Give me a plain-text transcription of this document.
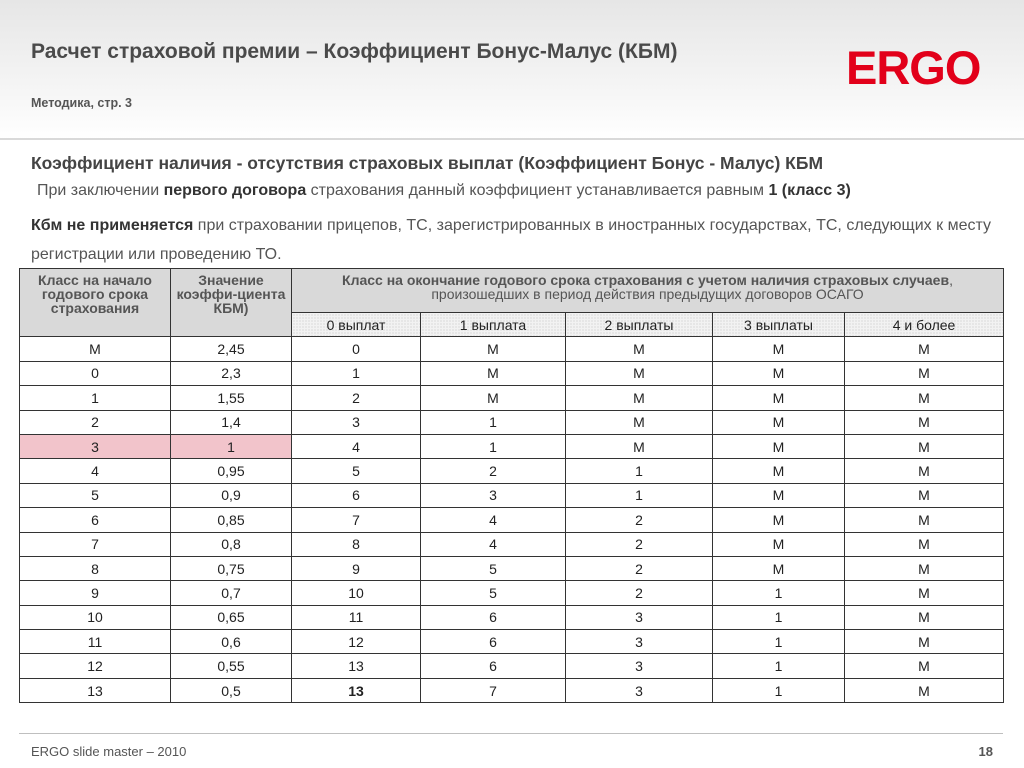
Расчет страховой премии – Коэффициент Бонус-Малус (КБМ)
Методика, стр. 3
ERGO
Коэффициент наличия - отсутствия страховых выплат (Коэффициент Бонус - Малус) КБМ
При заключении первого договора страхования данный коэффициент устанавливается равным 1 (класс 3)
Кбм не применяется при страховании прицепов, ТС, зарегистрированных в иностранных государствах, ТС, следующих к месту регистрации или проведению ТО.
Класс на начало годового срока страхования	Значение коэффи-циента КБМ)	Класс на окончание годового срока страхования с учетом наличия страховых случаев, произошедших в период действия предыдущих договоров ОСАГО				
		0 выплат	1 выплата	2 выплаты	3 выплаты	4 и более
М	2,45	0	М	М	М	М
0	2,3	1	М	М	М	М
1	1,55	2	М	М	М	М
2	1,4	3	1	М	М	М
3	1	4	1	М	М	М
4	0,95	5	2	1	М	М
5	0,9	6	3	1	М	М
6	0,85	7	4	2	М	М
7	0,8	8	4	2	М	М
8	0,75	9	5	2	М	М
9	0,7	10	5	2	1	М
10	0,65	11	6	3	1	М
11	0,6	12	6	3	1	М
12	0,55	13	6	3	1	М
13	0,5	13	7	3	1	М
ERGO slide master – 2010	18
